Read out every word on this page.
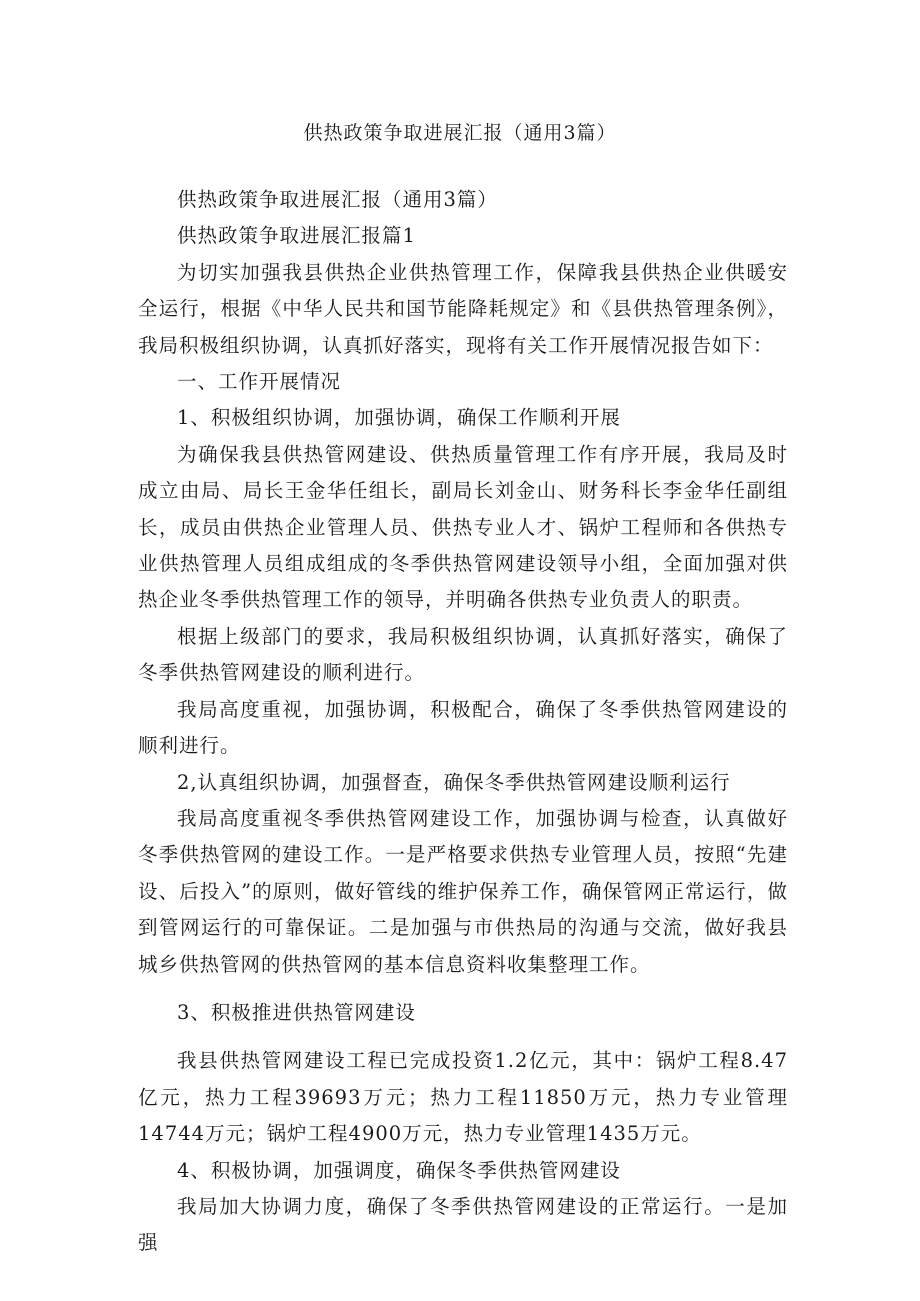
供热政策争取进展汇报（通用3篇）

供热政策争取进展汇报（通用3篇）

供热政策争取进展汇报篇1

为切实加强我县供热企业供热管理工作，保障我县供热企业供暖安全运行，根据《中华人民共和国节能降耗规定》和《县供热管理条例》，我局积极组织协调，认真抓好落实，现将有关工作开展情况报告如下：

一、工作开展情况

1、积极组织协调，加强协调，确保工作顺利开展

为确保我县供热管网建设、供热质量管理工作有序开展，我局及时成立由局、局长王金华任组长，副局长刘金山、财务科长李金华任副组长，成员由供热企业管理人员、供热专业人才、锅炉工程师和各供热专业供热管理人员组成组成的冬季供热管网建设领导小组，全面加强对供热企业冬季供热管理工作的领导，并明确各供热专业负责人的职责。

根据上级部门的要求，我局积极组织协调，认真抓好落实，确保了冬季供热管网建设的顺利进行。

我局高度重视，加强协调，积极配合，确保了冬季供热管网建设的顺利进行。

2,认真组织协调，加强督查，确保冬季供热管网建设顺利运行

我局高度重视冬季供热管网建设工作，加强协调与检查，认真做好冬季供热管网的建设工作。一是严格要求供热专业管理人员，按照“先建设、后投入”的原则，做好管线的维护保养工作，确保管网正常运行，做到管网运行的可靠保证。二是加强与市供热局的沟通与交流，做好我县城乡供热管网的供热管网的基本信息资料收集整理工作。

3、积极推进供热管网建设

我县供热管网建设工程已完成投资1.2亿元，其中：锅炉工程8.47亿元，热力工程39693万元；热力工程11850万元，热力专业管理14744万元；锅炉工程4900万元，热力专业管理1435万元。

4、积极协调，加强调度，确保冬季供热管网建设

我局加大协调力度，确保了冬季供热管网建设的正常运行。一是加强
